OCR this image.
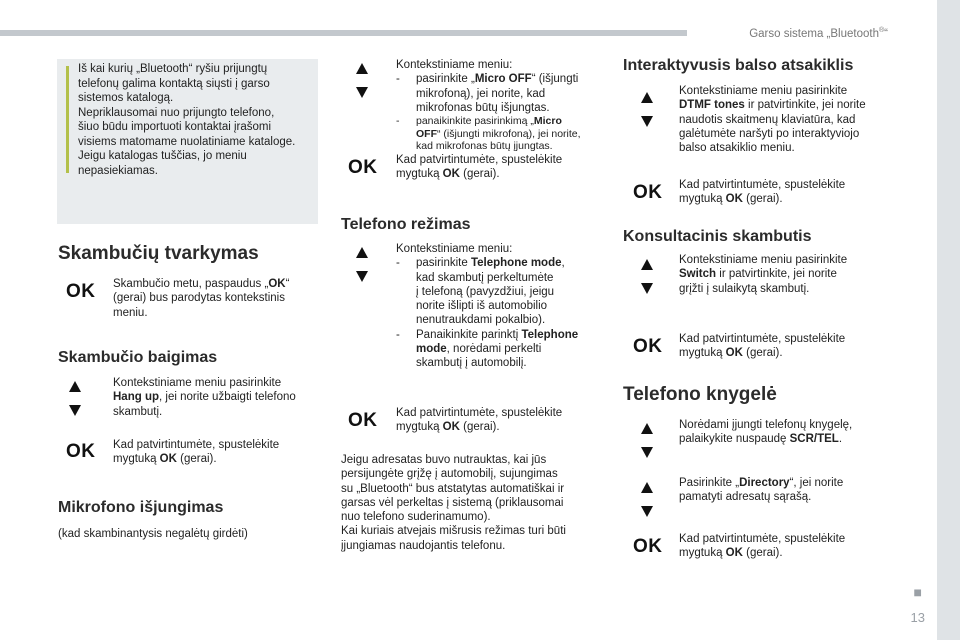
Garso sistema „Bluetooth®“
■
13
Iš kai kurių „Bluetooth“ ryšiu prijungtų
telefonų galima kontaktą siųsti į garso
sistemos katalogą.
Nepriklausomai nuo prijungto telefono,
šiuo būdu importuoti kontaktai įrašomi
visiems matomame nuolatiniame kataloge.
Jeigu katalogas tuščias, jo meniu
nepasiekiamas.
Skambučių tvarkymas
OK Skambučio metu, paspaudus „OK“
(gerai) bus parodytas kontekstinis
meniu.
Skambučio baigimas
Kontekstiniame meniu pasirinkite
Hang up, jei norite užbaigti telefono
skambutį.
OK Kad patvirtintumėte, spustelėkite
mygtuką OK (gerai).
Mikrofono išjungimas
(kad skambinantysis negalėtų girdėti)
Kontekstiniame meniu:
- pasirinkite „Micro OFF“ (išjungti
mikrofoną), jei norite, kad
mikrofonas būtų išjungtas.
- panaikinkite pasirinkimą „Micro
OFF“ (išjungti mikrofoną), jei norite,
kad mikrofonas būtų įjungtas.
OK Kad patvirtintumėte, spustelėkite
mygtuką OK (gerai).
Telefono režimas
Kontekstiniame meniu:
- pasirinkite Telephone mode,
kad skambutį perkeltumėte
į telefoną (pavyzdžiui, jeigu
norite išlipti iš automobilio
nenutraukdami pokalbio).
- Panaikinkite parinktį Telephone
mode, norėdami perkelti
skambutį į automobilį.
OK Kad patvirtintumėte, spustelėkite
mygtuką OK (gerai).
Jeigu adresatas buvo nutrauktas, kai jūs
persijungėte grįžę į automobilį, sujungimas
su „Bluetooth“ bus atstatytas automatiškai ir
garsas vėl perkeltas į sistemą (priklausomai
nuo telefono suderinamumo).
Kai kuriais atvejais mišrusis režimas turi būti
įjungiamas naudojantis telefonu.
Interaktyvusis balso atsakiklis
Kontekstiniame meniu pasirinkite
DTMF tones ir patvirtinkite, jei norite
naudotis skaitmenų klaviatūra, kad
galėtumėte naršyti po interaktyviojo
balso atsakiklio meniu.
OK Kad patvirtintumėte, spustelėkite
mygtuką OK (gerai).
Konsultacinis skambutis
Kontekstiniame meniu pasirinkite
Switch ir patvirtinkite, jei norite
grįžti į sulaikytą skambutį.
OK Kad patvirtintumėte, spustelėkite
mygtuką OK (gerai).
Telefono knygelė
Norėdami įjungti telefonų knygelę,
palaikykite nuspaudę SCR/TEL.
Pasirinkite „Directory“, jei norite
pamatyti adresatų sąrašą.
OK Kad patvirtintumėte, spustelėkite
mygtuką OK (gerai).
